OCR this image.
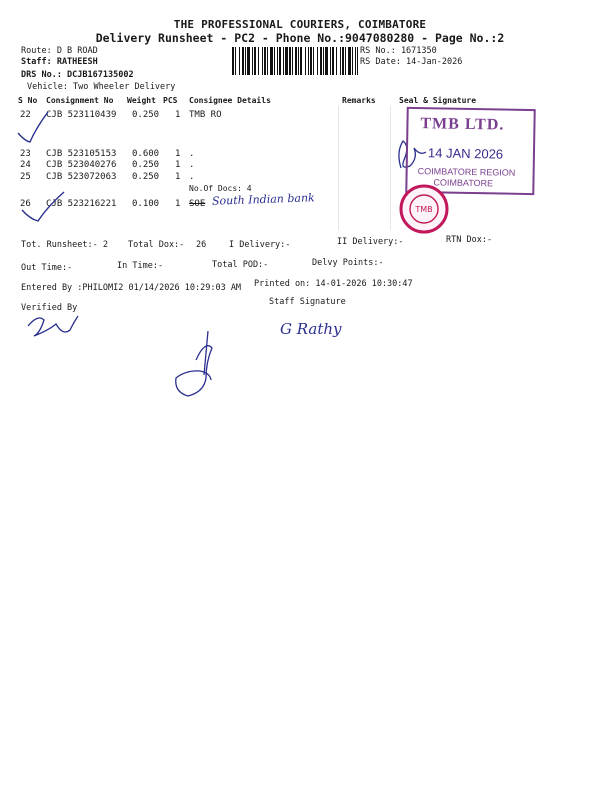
THE PROFESSIONAL COURIERS, COIMBATORE
Delivery Runsheet - PC2 - Phone No.:9047080280 - Page No.:2
Route: D B ROAD
Staff: RATHEESH
DRS No.: DCJB167135002
Vehicle: Two Wheeler Delivery
RS No.: 1671350
RS Date: 14-Jan-2026
S No Consignment No Weight PCS Consignee Details	Remarks	Seal & Signature
22 CJB 523110439 0.250 1 TMB RO
23 CJB 523105153 0.600 1 .
24 CJB 523040276 0.250 1 .
25 CJB 523072063 0.250 1 .
No.Of Docs: 4
26 CJB 523216221 0.100 1 SOE South Indian bank
TMB LTD.
14 JAN 2026
COIMBATORE REGION
COIMBATORE
TMB
Tot. Runsheet:- 2 Total Dox:- 26	I Delivery:-	II Delivery:-	RTN Dox:-
Out Time:-	In Time:-	Total POD:-	Delvy Points:-
Entered By :PHILOMI2 01/14/2026 10:29:03 AM Printed on: 14-01-2026 10:30:47
Staff Signature
Verified By
G Rathy
